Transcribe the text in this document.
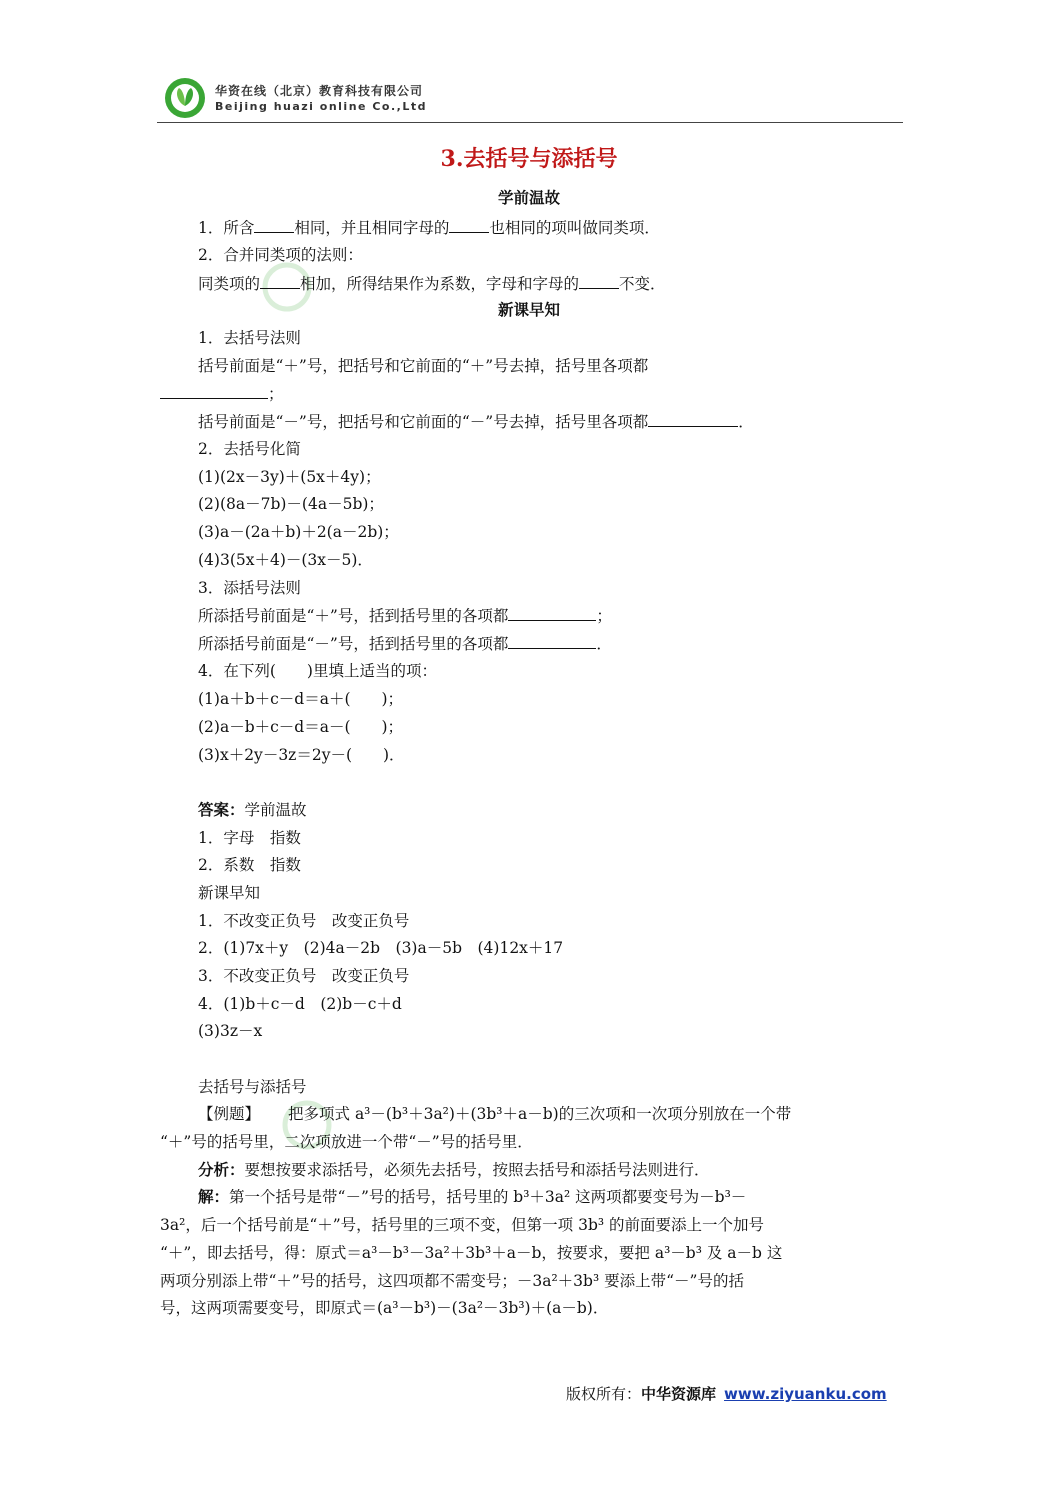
华资在线（北京）教育科技有限公司
Beijing huazi online Co.,Ltd
3.去括号与添括号
学前温故
1．所含	相同，并且相同字母的	也相同的项叫做同类项．
2．合并同类项的法则：
同类项的	相加，所得结果作为系数，字母和字母的	不变．
新课早知
1．去括号法则
括号前面是“＋”号，把括号和它前面的“＋”号去掉，括号里各项都
；
括号前面是“－”号，把括号和它前面的“－”号去掉，括号里各项都	．
2．去括号化简
(1)(2x－3y)＋(5x＋4y)；
(2)(8a－7b)－(4a－5b)；
(3)a－(2a＋b)＋2(a－2b)；
(4)3(5x＋4)－(3x－5)．
3．添括号法则
所添括号前面是“＋”号，括到括号里的各项都	；
所添括号前面是“－”号，括到括号里的各项都	．
4．在下列(　　)里填上适当的项：
(1)a＋b＋c－d＝a＋(　　)；
(2)a－b＋c－d＝a－(　　)；
(3)x＋2y－3z＝2y－(　　)．
答案：学前温故
1．字母　指数
2．系数　指数
新课早知
1．不改变正负号　改变正负号
2．(1)7x＋y　(2)4a－2b　(3)a－5b　(4)12x＋17
3．不改变正负号　改变正负号
4．(1)b＋c－d　(2)b－c＋d
(3)3z－x
去括号与添括号
【例题】 把多项式 a³－(b³＋3a²)＋(3b³＋a－b)的三次项和一次项分别放在一个带
“＋”号的括号里，二次项放进一个带“－”号的括号里．
分析：要想按要求添括号，必须先去括号，按照去括号和添括号法则进行．
解：第一个括号是带“－”号的括号，括号里的 b³＋3a² 这两项都要变号为－b³－
3a²，后一个括号前是“＋”号，括号里的三项不变，但第一项 3b³ 的前面要添上一个加号
“＋”，即去括号，得：原式＝a³－b³－3a²＋3b³＋a－b，按要求，要把 a³－b³ 及 a－b 这
两项分别添上带“＋”号的括号，这四项都不需变号；－3a²＋3b³ 要添上带“－”号的括
号，这两项需要变号，即原式＝(a³－b³)－(3a²－3b³)＋(a－b)．
版权所有：中华资源库 www.ziyuanku.com
